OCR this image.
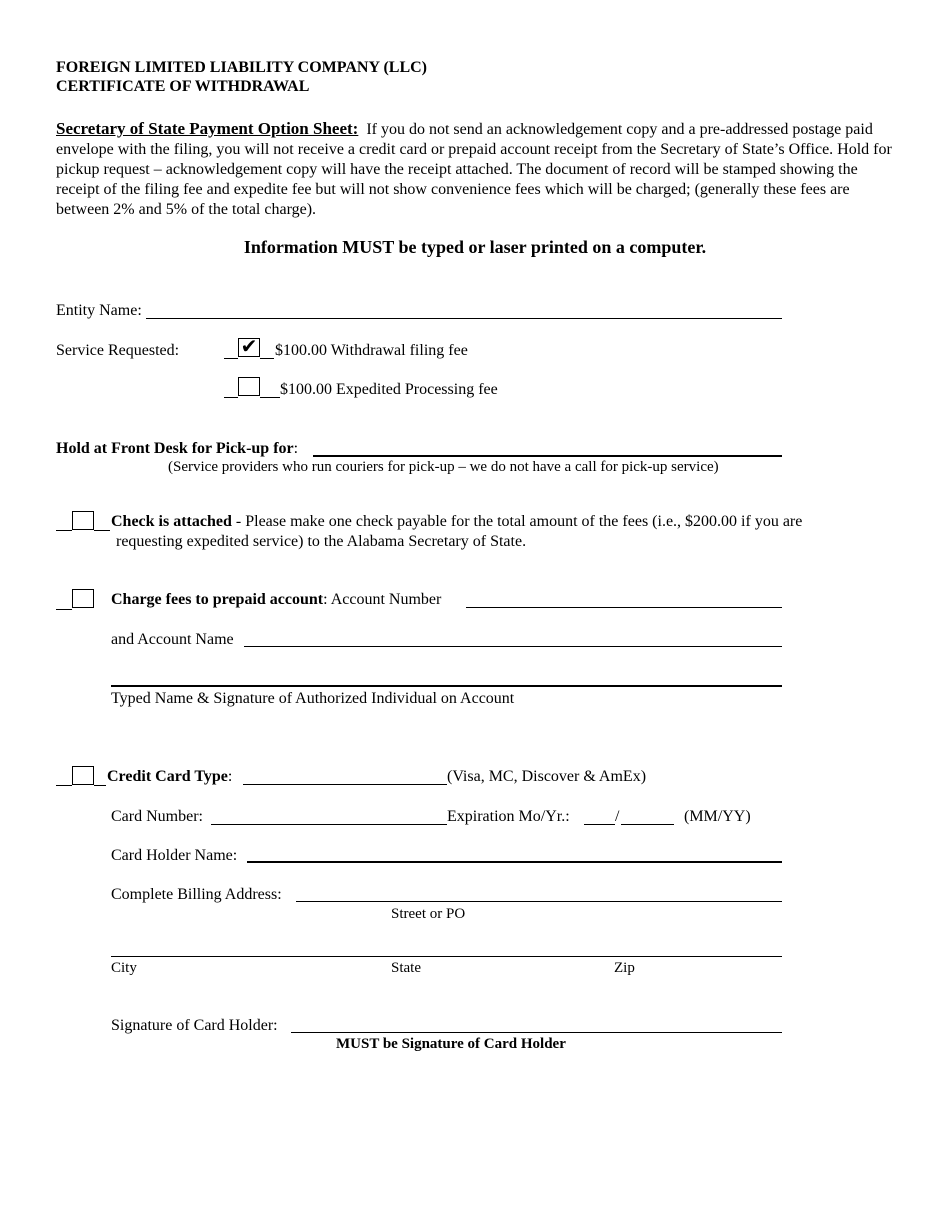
FOREIGN LIMITED LIABILITY COMPANY (LLC)
CERTIFICATE OF WITHDRAWAL
Secretary of State Payment Option Sheet: If you do not send an acknowledgement copy and a pre-addressed postage paid envelope with the filing, you will not receive a credit card or prepaid account receipt from the Secretary of State’s Office. Hold for pickup request – acknowledgement copy will have the receipt attached. The document of record will be stamped showing the receipt of the filing fee and expedite fee but will not show convenience fees which will be charged; (generally these fees are between 2% and 5% of the total charge).
Information MUST be typed or laser printed on a computer.
Entity Name:
Service Requested:	✔ $100.00 Withdrawal filing fee
$100.00 Expedited Processing fee
Hold at Front Desk for Pick-up for:
(Service providers who run couriers for pick-up – we do not have a call for pick-up service)
Check is attached - Please make one check payable for the total amount of the fees (i.e., $200.00 if you are
requesting expedited service) to the Alabama Secretary of State.
Charge fees to prepaid account: Account Number
and Account Name
Typed Name & Signature of Authorized Individual on Account
Credit Card Type:	(Visa, MC, Discover & AmEx)
Card Number:	Expiration Mo/Yr.:	/	(MM/YY)
Card Holder Name:
Complete Billing Address:
Street or PO
City	State	Zip
Signature of Card Holder:
MUST be Signature of Card Holder
